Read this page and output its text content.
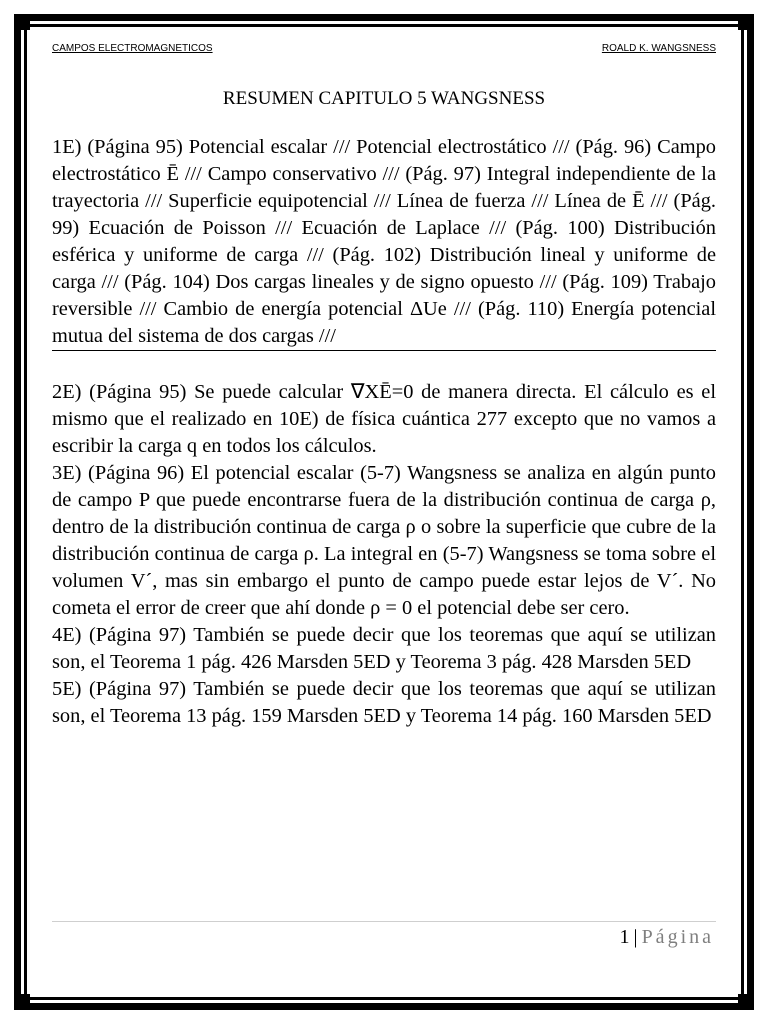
CAMPOS ELECTROMAGNETICOS	ROALD K. WANGSNESS
RESUMEN CAPITULO 5 WANGSNESS

1E) (Página 95) Potencial escalar /// Potencial electrostático /// (Pág. 96) Campo electrostático Ē /// Campo conservativo /// (Pág. 97) Integral independiente de la trayectoria /// Superficie equipotencial /// Línea de fuerza /// Línea de Ē /// (Pág. 99) Ecuación de Poisson /// Ecuación de Laplace /// (Pág. 100) Distribución esférica y uniforme de carga /// (Pág. 102) Distribución lineal y uniforme de carga /// (Pág. 104) Dos cargas lineales y de signo opuesto /// (Pág. 109) Trabajo reversible /// Cambio de energía potencial ΔUe /// (Pág. 110) Energía potencial mutua del sistema de dos cargas ///

2E) (Página 95) Se puede calcular ∇XĒ=0 de manera directa. El cálculo es el mismo que el realizado en 10E) de física cuántica 277 excepto que no vamos a escribir la carga q en todos los cálculos.

3E) (Página 96) El potencial escalar (5-7) Wangsness se analiza en algún punto de campo P que puede encontrarse fuera de la distribución continua de carga ρ, dentro de la distribución continua de carga ρ o sobre la superficie que cubre de la distribución continua de carga ρ. La integral en (5-7) Wangsness se toma sobre el volumen V´, mas sin embargo el punto de campo puede estar lejos de V´. No cometa el error de creer que ahí donde ρ = 0 el potencial debe ser cero.

4E) (Página 97) También se puede decir que los teoremas que aquí se utilizan son, el Teorema 1 pág. 426 Marsden 5ED y Teorema 3 pág. 428 Marsden 5ED

5E) (Página 97) También se puede decir que los teoremas que aquí se utilizan son, el Teorema 13 pág. 159 Marsden 5ED y Teorema 14 pág. 160 Marsden 5ED

1 | Página
